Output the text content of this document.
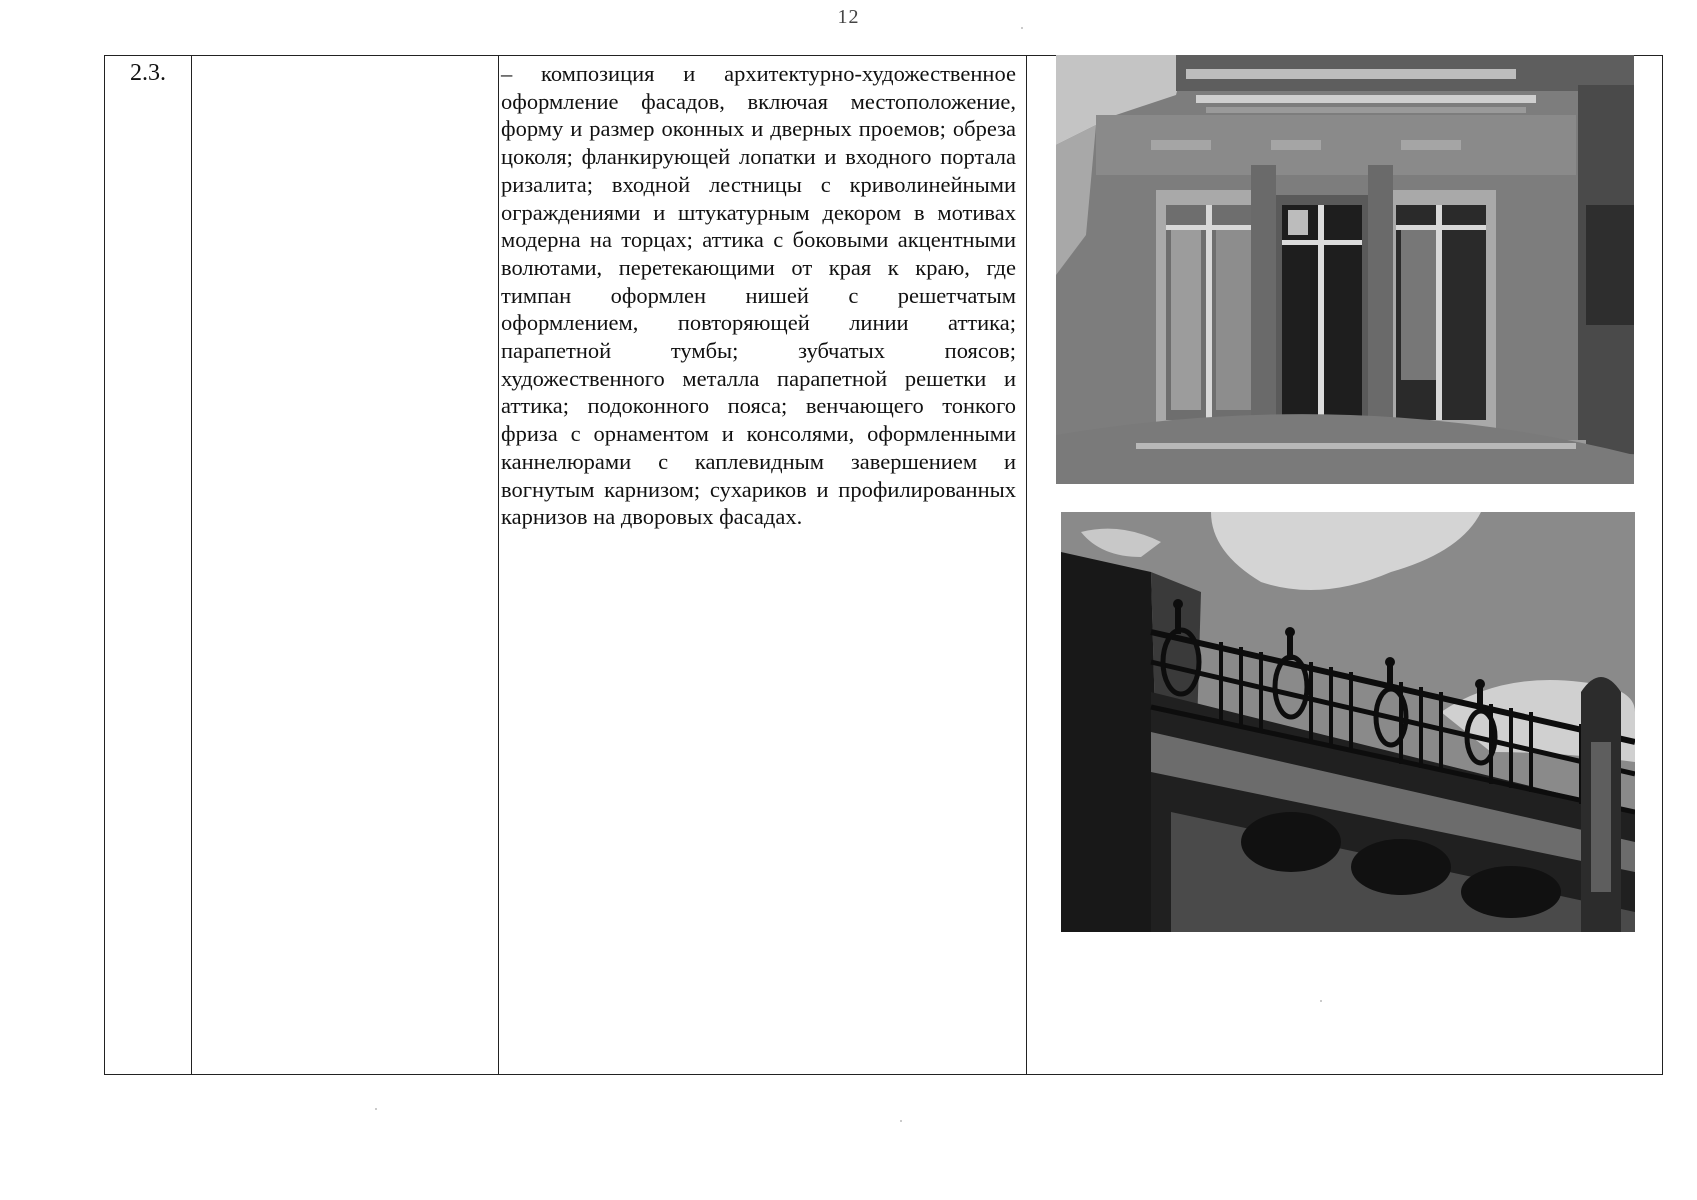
12
2.3.		– композиция и архитектурно-художественное оформление фасадов, включая местоположение, форму и размер оконных и дверных проемов; обреза цоколя; фланкирующей лопатки и входного портала ризалита; входной лестницы с криволинейными ограждениями и штукатурным декором в мотивах модерна на торцах; аттика с боковыми акцентными волютами, перетекающими от края к краю, где тимпан оформлен нишей с решетчатым оформлением, повторяющей линии аттика; парапетной тумбы; зубчатых поясов; художественного металла парапетной решетки и аттика; подоконного пояса; венчающего тонкого фриза с орнаментом и консолями, оформленными каннелюрами с каплевидным завершением и вогнутым карнизом; сухариков и профилированных карнизов на дворовых фасадах.
